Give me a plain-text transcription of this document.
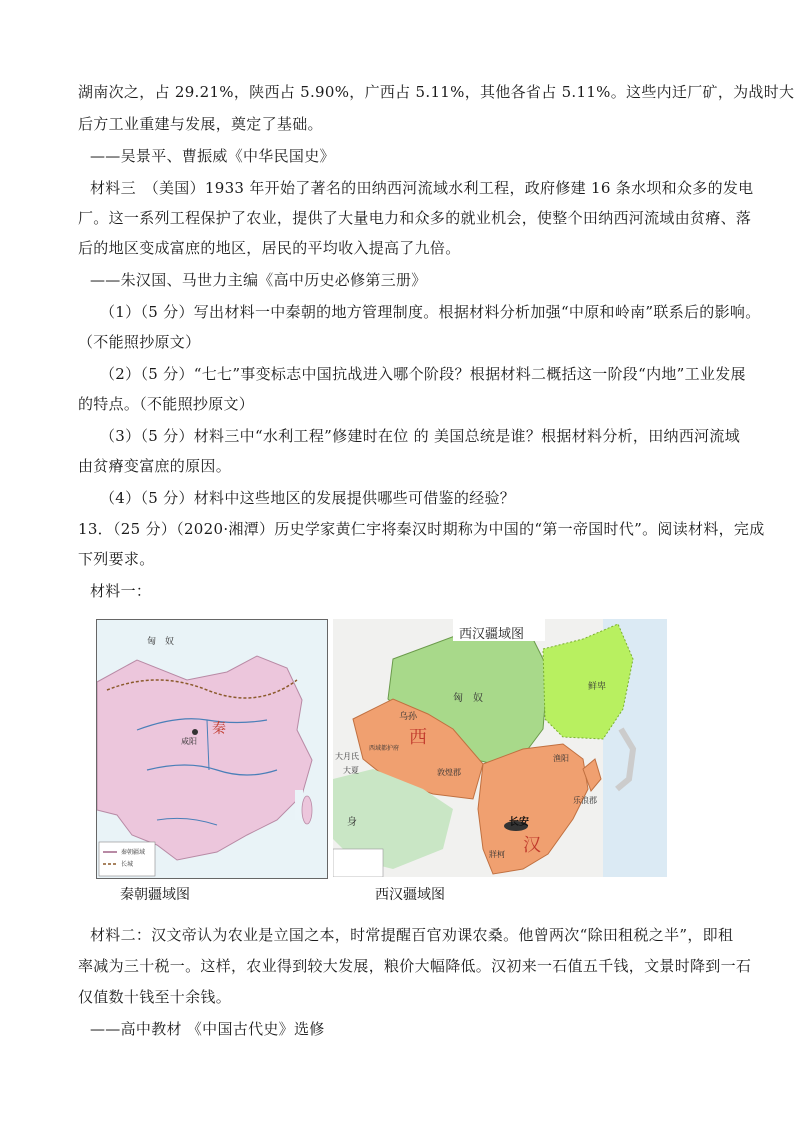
湖南次之，占 29.21%，陕西占 5.90%，广西占 5.11%，其他各省占 5.11%。这些内迁厂矿，为战时大
后方工业重建与发展，奠定了基础。
——吴景平、曹振威《中华民国史》
材料三　（美国）1933 年开始了著名的田纳西河流域水利工程，政府修建 16 条水坝和众多的发电
厂。这一系列工程保护了农业，提供了大量电力和众多的就业机会，使整个田纳西河流域由贫瘠、落
后的地区变成富庶的地区，居民的平均收入提高了九倍。
——朱汉国、马世力主编《高中历史必修第三册》
（1）（5 分）写出材料一中秦朝的地方管理制度。根据材料分析加强“中原和岭南”联系后的影响。
（不能照抄原文）
（2）（5 分）“七七”事变标志中国抗战进入哪个阶段？根据材料二概括这一阶段“内地”工业发展
的特点。（不能照抄原文）
（3）（5 分）材料三中“水利工程”修建时在位 的 美国总统是谁？根据材料分析，田纳西河流域
由贫瘠变富庶的原因。
（4）（5 分）材料中这些地区的发展提供哪些可借鉴的经验？
13．（25 分）（2020·湘潭）历史学家黄仁宇将秦汉时期称为中国的“第一帝国时代”。阅读材料，完成
下列要求。
材料一：
匈　奴
秦
咸阳
秦朝疆域
长城
西汉疆域图
西
汉
长安
匈　奴
鲜卑
乌孙
大月氏
大夏
身
敦煌郡
西域都护府
乐浪郡
牂柯
渔阳
秦朝疆域图	西汉疆域图
材料二：汉文帝认为农业是立国之本，时常提醒百官劝课农桑。他曾两次“除田租税之半”，即租
率减为三十税一。这样，农业得到较大发展，粮价大幅降低。汉初来一石值五千钱，文景时降到一石
仅值数十钱至十余钱。
——高中教材 《中国古代史》选修
